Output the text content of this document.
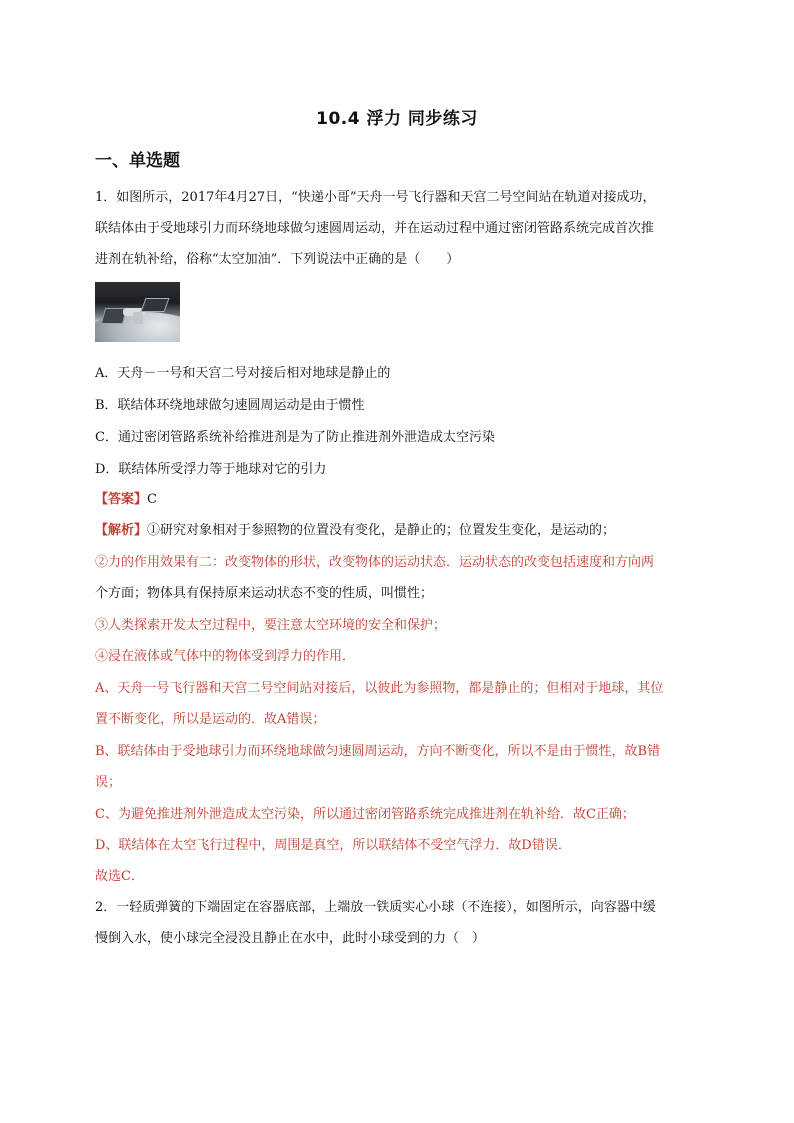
10.4 浮力 同步练习
一、单选题
1．如图所示，2017年4月27日，“快递小哥”天舟一号飞行器和天宫二号空间站在轨道对接成功，
联结体由于受地球引力而环绕地球做匀速圆周运动，并在运动过程中通过密闭管路系统完成首次推
进剂在轨补给，俗称“太空加油”．下列说法中正确的是（　　）
A．天舟－一号和天宫二号对接后相对地球是静止的
B．联结体环绕地球做匀速圆周运动是由于惯性
C．通过密闭管路系统补给推进剂是为了防止推进剂外泄造成太空污染
D．联结体所受浮力等于地球对它的引力
【答案】C
【解析】①研究对象相对于参照物的位置没有变化，是静止的；位置发生变化，是运动的；
②力的作用效果有二：改变物体的形状，改变物体的运动状态．运动状态的改变包括速度和方向两
个方面；物体具有保持原来运动状态不变的性质，叫惯性；
③人类探索开发太空过程中，要注意太空环境的安全和保护；
④浸在液体或气体中的物体受到浮力的作用．
A、天舟一号飞行器和天宫二号空间站对接后，以彼此为参照物，都是静止的；但相对于地球，其位
置不断变化，所以是运动的．故A错误；
B、联结体由于受地球引力而环绕地球做匀速圆周运动，方向不断变化，所以不是由于惯性，故B错
误；
C、为避免推进剂外泄造成太空污染，所以通过密闭管路系统完成推进剂在轨补给．故C正确；
D、联结体在太空飞行过程中，周围是真空，所以联结体不受空气浮力．故D错误．
故选C．
2．一轻质弹簧的下端固定在容器底部，上端放一铁质实心小球（不连接），如图所示，向容器中缓
慢倒入水，使小球完全浸没且静止在水中，此时小球受到的力（　）
